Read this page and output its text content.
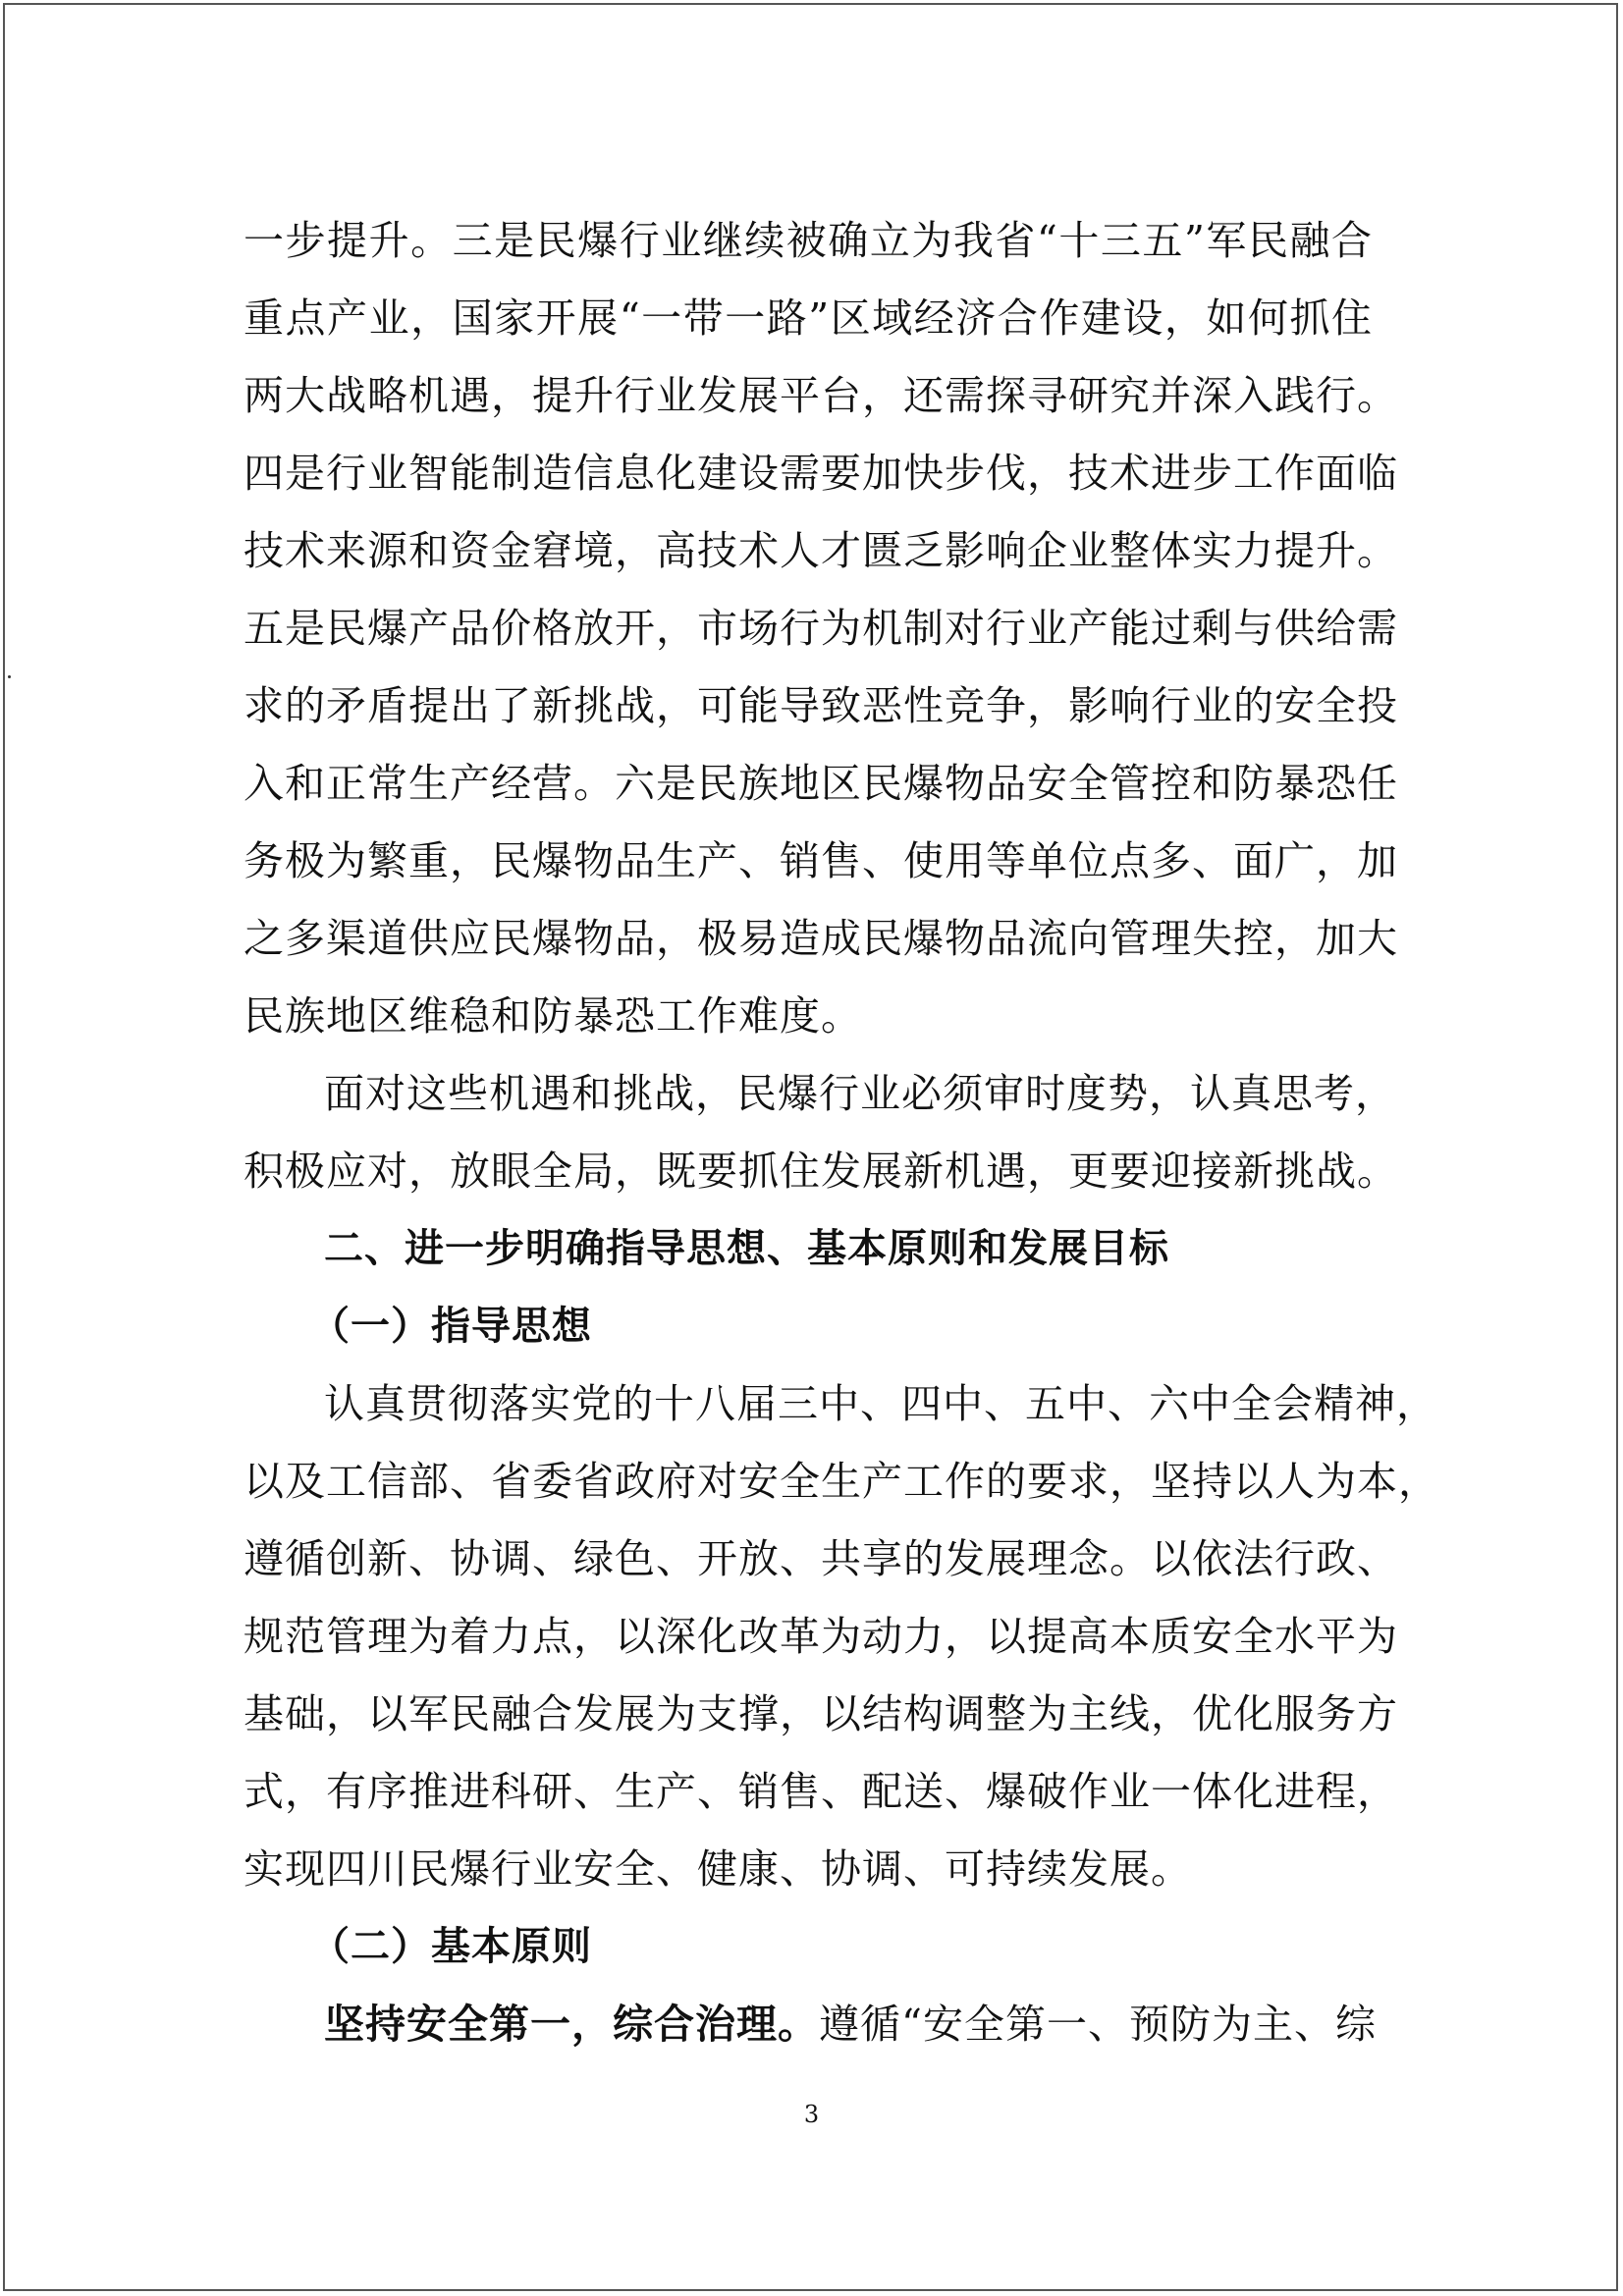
一步提升。三是民爆行业继续被确立为我省“十三五”军民融合
重点产业，国家开展“一带一路”区域经济合作建设，如何抓住
两大战略机遇，提升行业发展平台，还需探寻研究并深入践行。
四是行业智能制造信息化建设需要加快步伐，技术进步工作面临
技术来源和资金窘境，高技术人才匮乏影响企业整体实力提升。
五是民爆产品价格放开，市场行为机制对行业产能过剩与供给需
求的矛盾提出了新挑战，可能导致恶性竞争，影响行业的安全投
入和正常生产经营。六是民族地区民爆物品安全管控和防暴恐任
务极为繁重，民爆物品生产、销售、使用等单位点多、面广，加
之多渠道供应民爆物品，极易造成民爆物品流向管理失控，加大
民族地区维稳和防暴恐工作难度。
面对这些机遇和挑战，民爆行业必须审时度势，认真思考，
积极应对，放眼全局，既要抓住发展新机遇，更要迎接新挑战。
二、进一步明确指导思想、基本原则和发展目标
（一）指导思想
认真贯彻落实党的十八届三中、四中、五中、六中全会精神，
以及工信部、省委省政府对安全生产工作的要求，坚持以人为本，
遵循创新、协调、绿色、开放、共享的发展理念。以依法行政、
规范管理为着力点，以深化改革为动力，以提高本质安全水平为
基础，以军民融合发展为支撑，以结构调整为主线，优化服务方
式，有序推进科研、生产、销售、配送、爆破作业一体化进程，
实现四川民爆行业安全、健康、协调、可持续发展。
（二）基本原则
坚持安全第一，综合治理。遵循“安全第一、预防为主、综
3
